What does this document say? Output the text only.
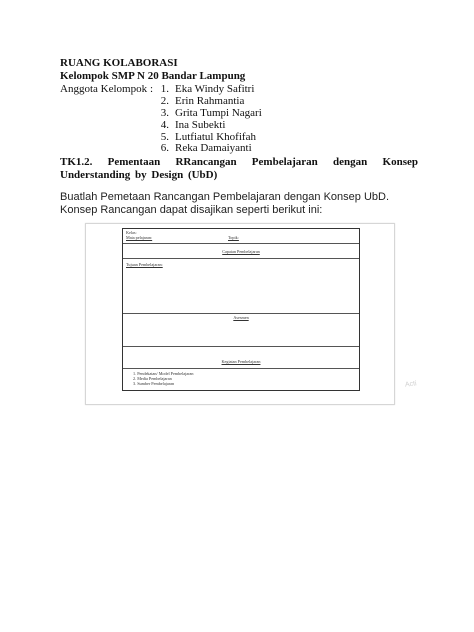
RUANG KOLABORASI
Kelompok SMP N 20 Bandar Lampung
Anggota Kelompok : 1. Eka Windy Safitri
2. Erin Rahmantia
3. Grita Tumpi Nagari
4. Ina Subekti
5. Lutfiatul Khofifah
TK1.2. Pementaan RRancangan Pembelajaran dengan Konsep Understanding by Design (UbD)
Buatlah Pemetaan Rancangan Pembelajaran dengan Konsep UbD. Konsep Rancangan dapat disajikan seperti berikut ini:
Kelas:
Mata pelajaran:	Topik:
Capaian Pembelajaran
Tujuan Pembelajaran:
Asesmen
Kegiatan Pembelajaran
1. Pendekatan/ Model Pembelajaran
2. Media Pembelajaran
3. Sumber Pembelajaran	Acti
6. Reka Damaiyanti
